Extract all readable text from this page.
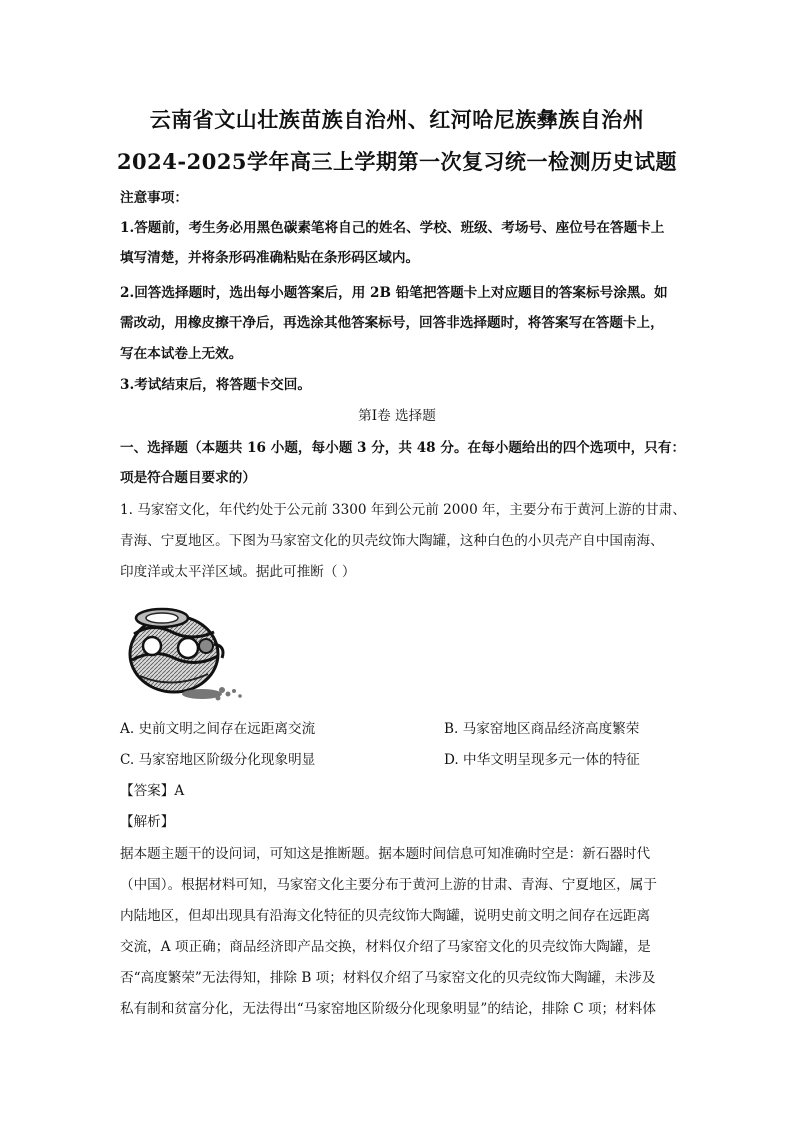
云南省文山壮族苗族自治州、红河哈尼族彝族自治州
2024-2025学年高三上学期第一次复习统一检测历史试题
注意事项：
1.答题前，考生务必用黑色碳素笔将自己的姓名、学校、班级、考场号、座位号在答题卡上
填写清楚，并将条形码准确粘贴在条形码区域内。
2.回答选择题时，选出每小题答案后，用 2B 铅笔把答题卡上对应题目的答案标号涂黑。如
需改动，用橡皮擦干净后，再选涂其他答案标号，回答非选择题时，将答案写在答题卡上，
写在本试卷上无效。
3.考试结束后，将答题卡交回。
第Ⅰ卷 选择题
一、选择题（本题共 16 小题，每小题 3 分，共 48 分。在每小题给出的四个选项中，只有：
项是符合题目要求的）
1. 马家窑文化，年代约处于公元前 3300 年到公元前 2000 年，主要分布于黄河上游的甘肃、
青海、宁夏地区。下图为马家窑文化的贝壳纹饰大陶罐，这种白色的小贝壳产自中国南海、
印度洋或太平洋区域。据此可推断（ ）
A. 史前文明之间存在远距离交流	B. 马家窑地区商品经济高度繁荣
C. 马家窑地区阶级分化现象明显	D. 中华文明呈现多元一体的特征
【答案】A
【解析】
据本题主题干的设问词，可知这是推断题。据本题时间信息可知准确时空是：新石器时代
（中国）。根据材料可知，马家窑文化主要分布于黄河上游的甘肃、青海、宁夏地区，属于
内陆地区，但却出现具有沿海文化特征的贝壳纹饰大陶罐，说明史前文明之间存在远距离
交流，A 项正确；商品经济即产品交换，材料仅介绍了马家窑文化的贝壳纹饰大陶罐，是
否“高度繁荣”无法得知，排除 B 项；材料仅介绍了马家窑文化的贝壳纹饰大陶罐，未涉及
私有制和贫富分化，无法得出“马家窑地区阶级分化现象明显”的结论，排除 C 项；材料体
